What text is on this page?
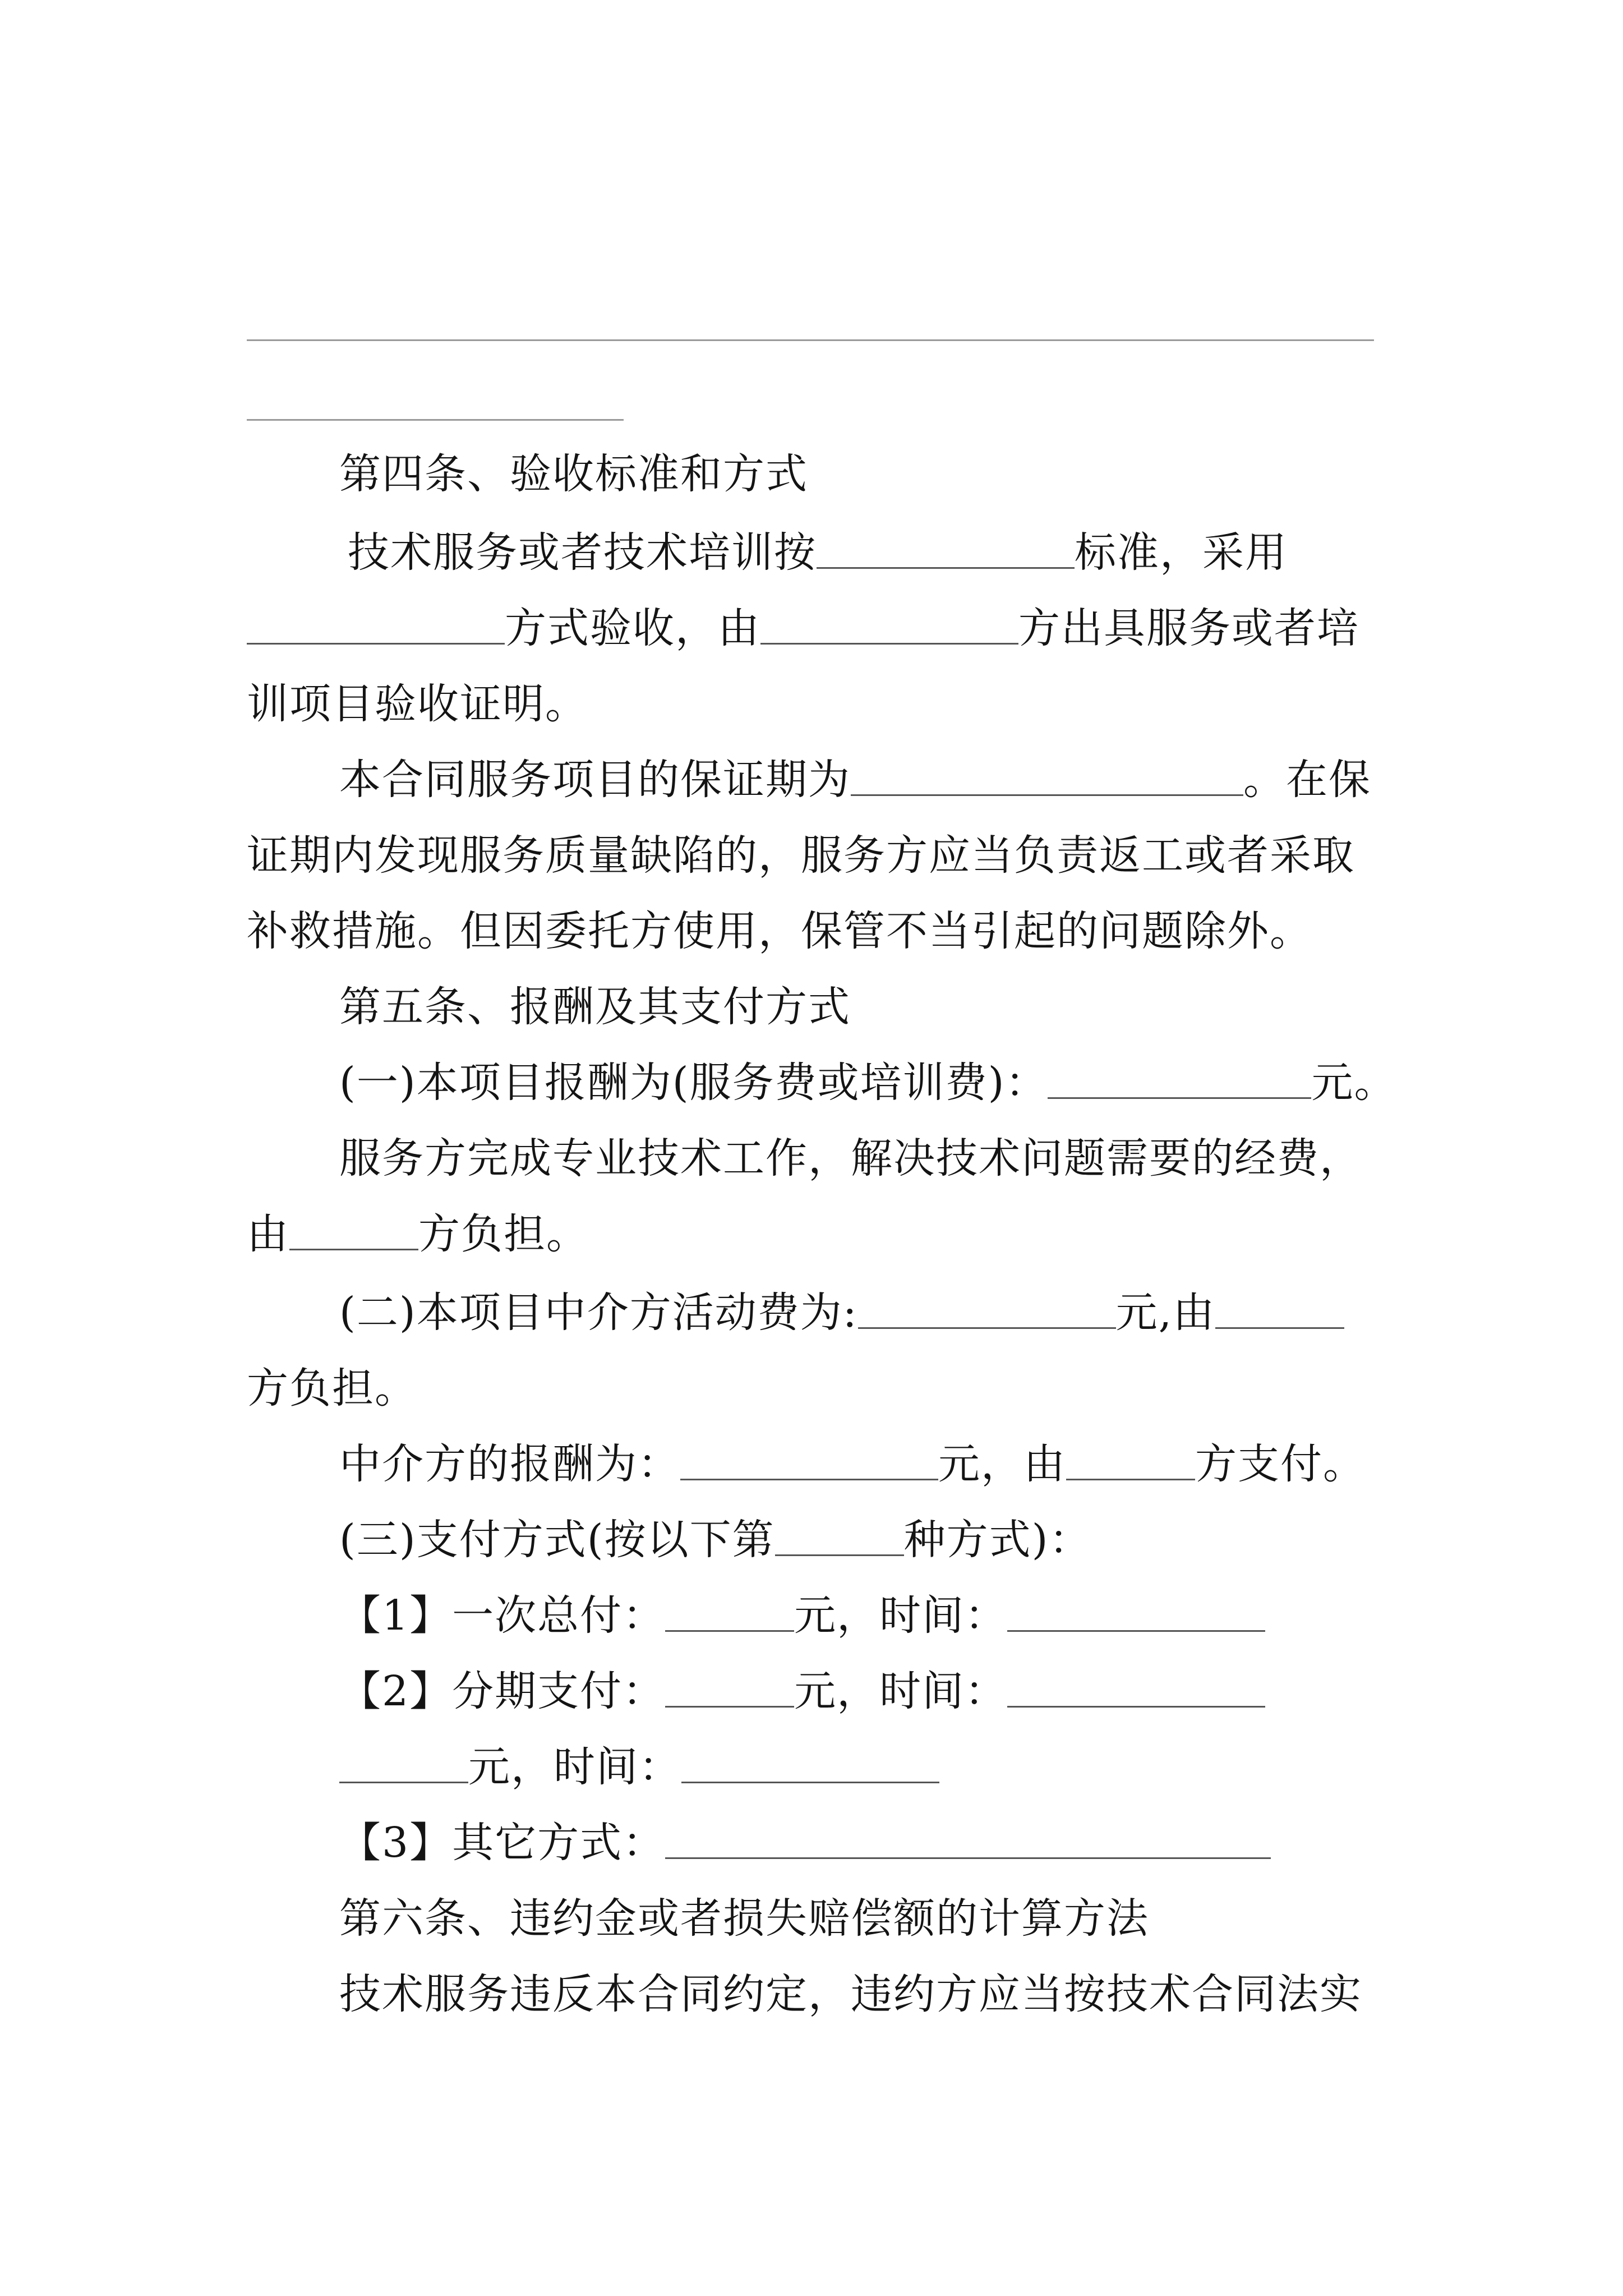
第四条、验收标准和方式
技术服务或者技术培训按	标准，采用
方式验收，由	方出具服务或者培
训项目验收证明。
本合同服务项目的保证期为	。在保
证期内发现服务质量缺陷的，服务方应当负责返工或者采取
补救措施。但因委托方使用，保管不当引起的问题除外。
第五条、报酬及其支付方式
(一)本项目报酬为(服务费或培训费)：	元。
服务方完成专业技术工作，解决技术问题需要的经费，
由	方负担。
(二)本项目中介方活动费为:	元,由
方负担。
中介方的报酬为：	元，由	方支付。
(三)支付方式(按以下第	种方式)：
【1】一次总付：	元，时间：
【2】分期支付：	元，时间：
元，时间：
【3】其它方式：
第六条、违约金或者损失赔偿额的计算方法
技术服务违反本合同约定，违约方应当按技术合同法实
